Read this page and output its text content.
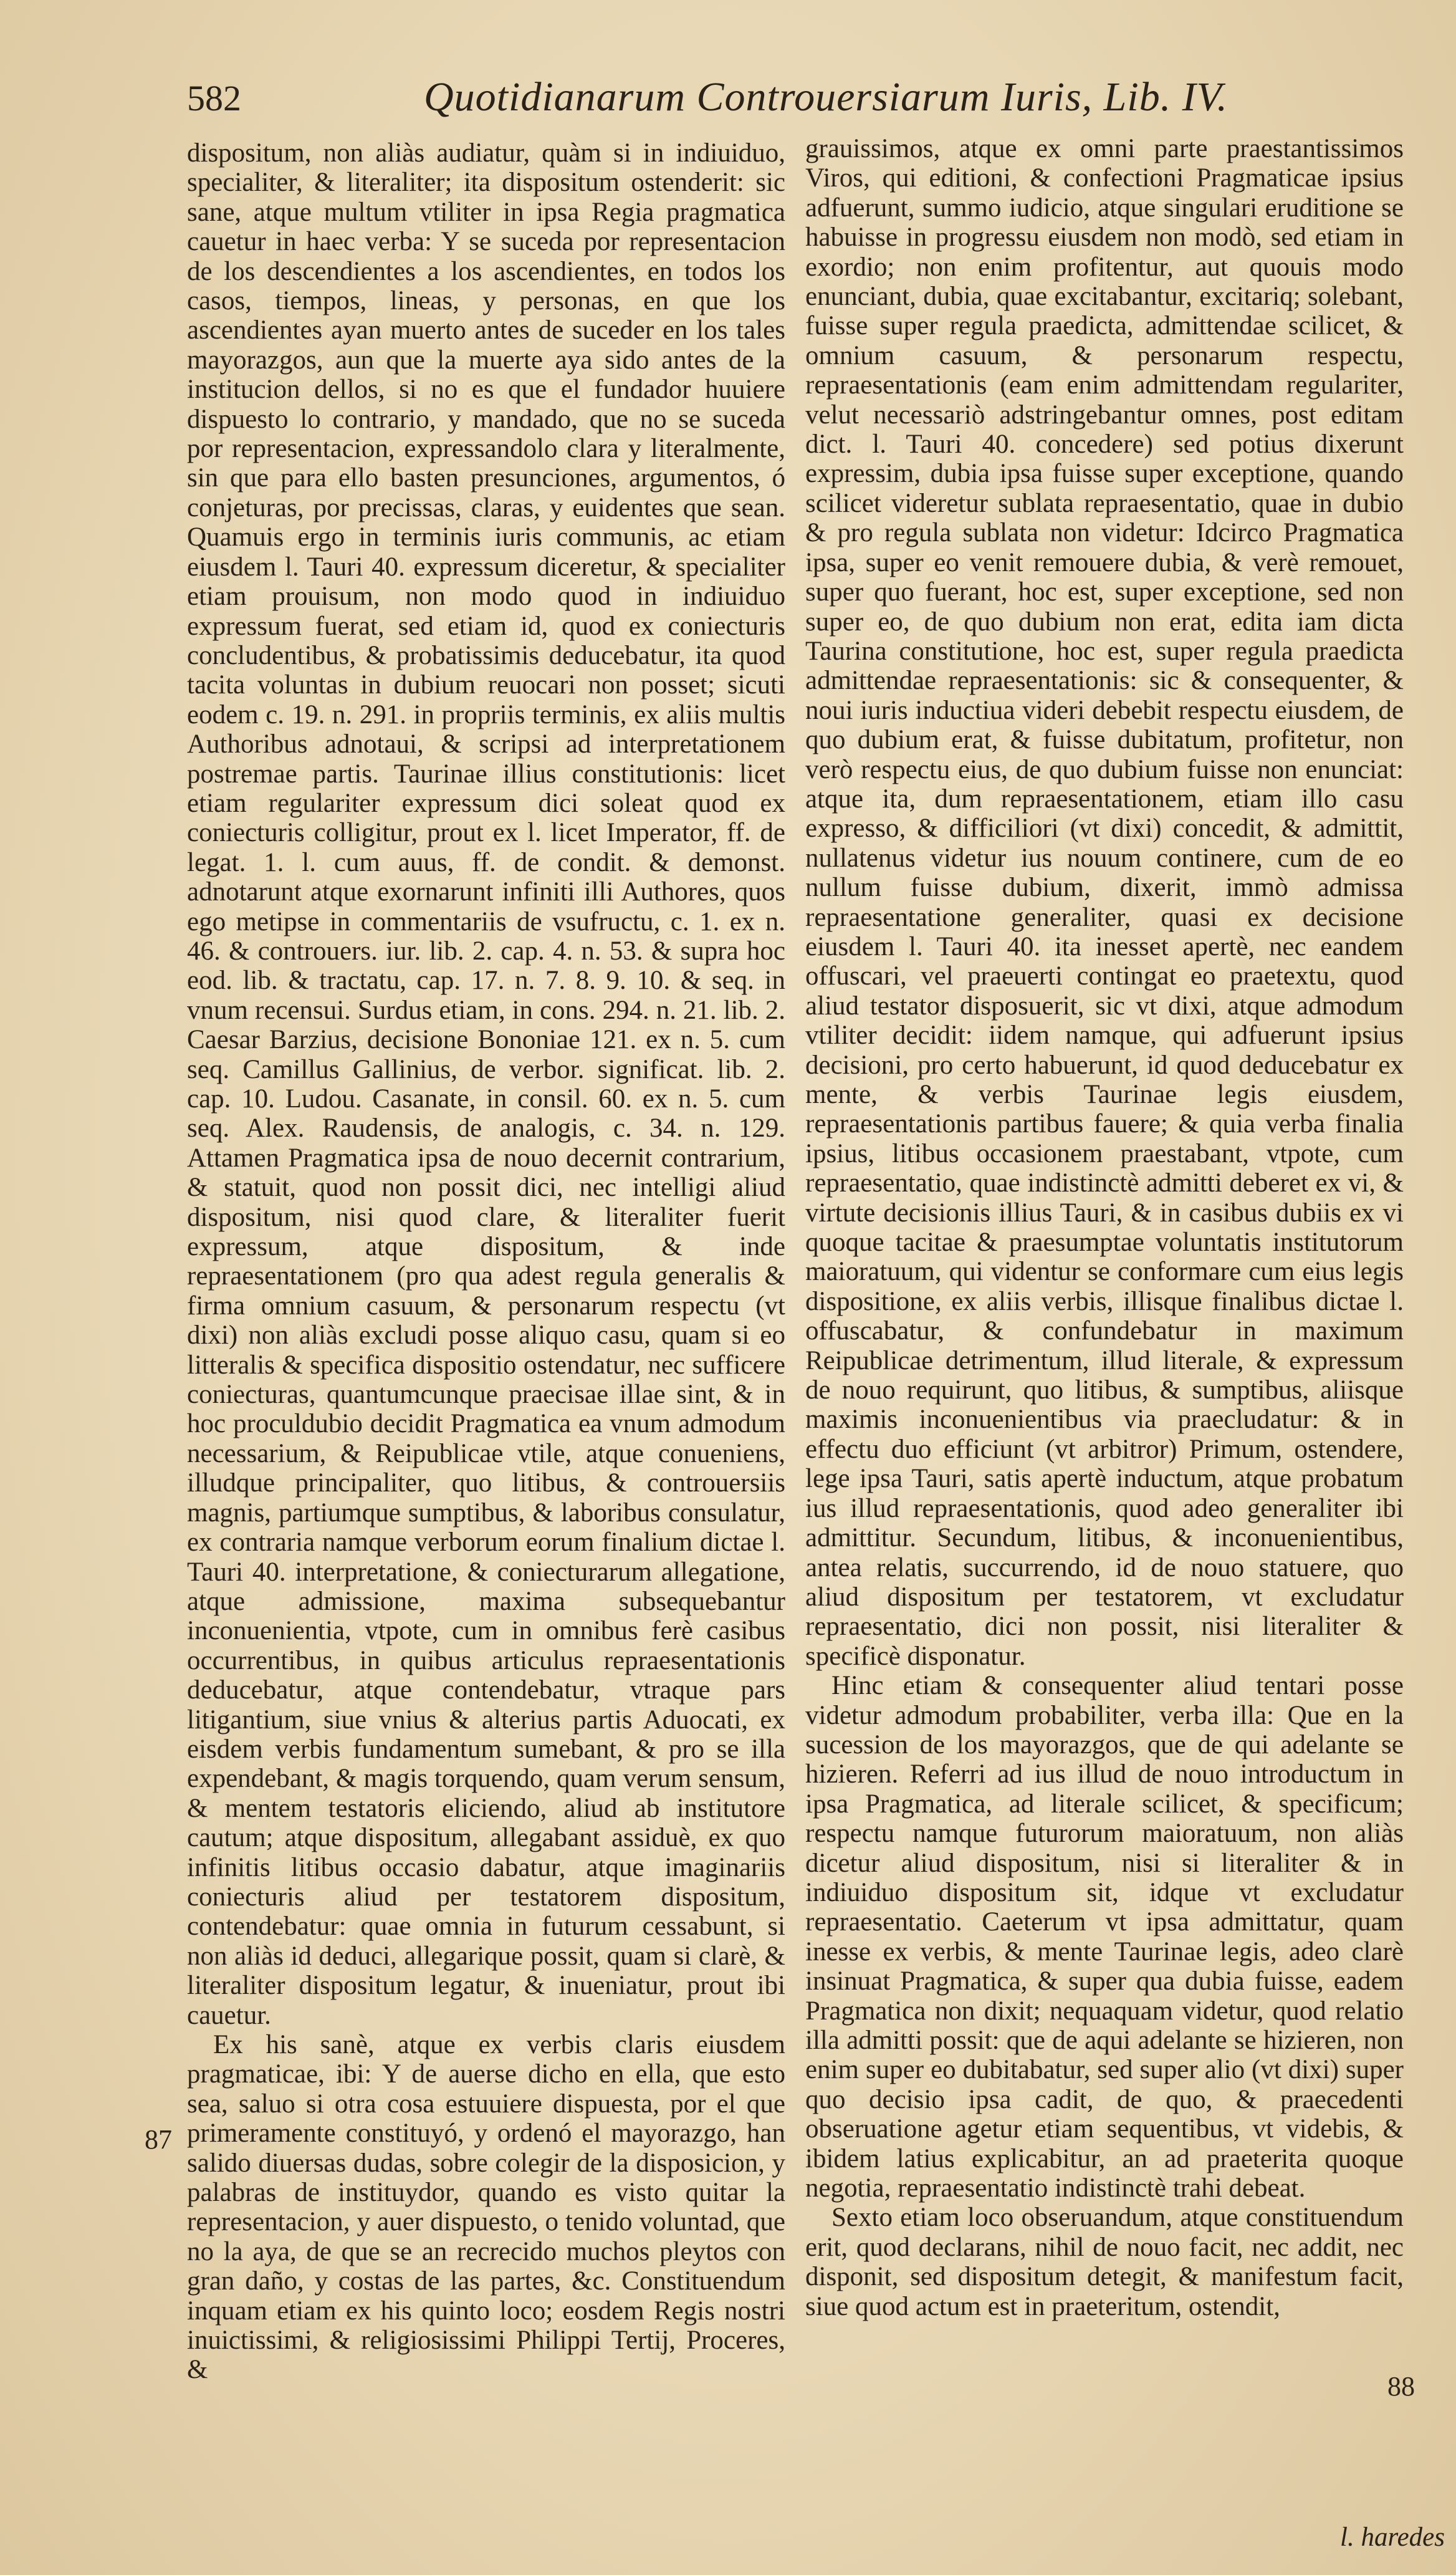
582	Quotidianarum Controuersiarum Iuris, Lib. IV.

dispositum, non aliàs audiatur, quàm si in indiuiduo, specialiter, & literaliter; ita dispositum ostenderit: sic sane, atque multum vtiliter in ipsa Regia pragmatica cauetur in haec verba: Y se suceda por representacion de los descendientes a los ascendientes, en todos los casos, tiempos, lineas, y personas, en que los ascendientes ayan muerto antes de suceder en los tales mayorazgos, aun que la muerte aya sido antes de la institucion dellos, si no es que el fundador huuiere dispuesto lo contrario, y mandado, que no se suceda por representacion, expressandolo clara y literalmente, sin que para ello basten presunciones, argumentos, ó conjeturas, por precissas, claras, y euidentes que sean. Quamuis ergo in terminis iuris communis, ac etiam eiusdem l. Tauri 40. expressum diceretur, & specialiter etiam prouisum, non modo quod in indiuiduo expressum fuerat, sed etiam id, quod ex coniecturis concludentibus, & probatissimis deducebatur, ita quod tacita voluntas in dubium reuocari non posset; sicuti eodem c. 19. n. 291. in propriis terminis, ex aliis multis Authoribus adnotaui, & scripsi ad interpretationem postremae partis. Taurinae illius constitutionis: licet etiam regulariter expressum dici soleat quod ex coniecturis colligitur, prout ex l. licet Imperator, ff. de legat. 1. l. cum auus, ff. de condit. & demonst. adnotarunt atque exornarunt infiniti illi Authores, quos ego metipse in commentariis de vsufructu, c. 1. ex n. 46. & controuers. iur. lib. 2. cap. 4. n. 53. & supra hoc eod. lib. & tractatu, cap. 17. n. 7. 8. 9. 10. & seq. in vnum recensui. Surdus etiam, in cons. 294. n. 21. lib. 2. Caesar Barzius, decisione Bononiae 121. ex n. 5. cum seq. Camillus Gallinius, de verbor. significat. lib. 2. cap. 10. Ludou. Casanate, in consil. 60. ex n. 5. cum seq. Alex. Raudensis, de analogis, c. 34. n. 129. Attamen Pragmatica ipsa de nouo decernit contrarium, & statuit, quod non possit dici, nec intelligi aliud dispositum, nisi quod clare, & literaliter fuerit expressum, atque dispositum, & inde repraesentationem (pro qua adest regula generalis & firma omnium casuum, & personarum respectu (vt dixi) non aliàs excludi posse aliquo casu, quam si eo litteralis & specifica dispositio ostendatur, nec sufficere coniecturas, quantumcunque praecisae illae sint, & in hoc proculdubio decidit Pragmatica ea vnum admodum necessarium, & Reipublicae vtile, atque conueniens, illudque principaliter, quo litibus, & controuersiis magnis, partiumque sumptibus, & laboribus consulatur, ex contraria namque verborum eorum finalium dictae l. Tauri 40. interpretatione, & coniecturarum allegatione, atque admissione, maxima subsequebantur inconuenientia, vtpote, cum in omnibus ferè casibus occurrentibus, in quibus articulus repraesentationis deducebatur, atque contendebatur, vtraque pars litigantium, siue vnius & alterius partis Aduocati, ex eisdem verbis fundamentum sumebant, & pro se illa expendebant, & magis torquendo, quam verum sensum, & mentem testatoris eliciendo, aliud ab institutore cautum; atque dispositum, allegabant assiduè, ex quo infinitis litibus occasio dabatur, atque imaginariis coniecturis aliud per testatorem dispositum, contendebatur: quae omnia in futurum cessabunt, si non aliàs id deduci, allegarique possit, quam si clarè, & literaliter dispositum legatur, & inueniatur, prout ibi cauetur.

Ex his sanè, atque ex verbis claris eiusdem pragmaticae, ibi: Y de auerse dicho en ella, que esto sea, saluo si otra cosa estuuiere dispuesta, por el que primeramente constituyó, y ordenó el mayorazgo, han salido diuersas dudas, sobre colegir de la disposicion, y palabras de instituydor, quando es visto quitar la representacion, y auer dispuesto, o tenido voluntad, que no la aya, de que se an recrecido muchos pleytos con gran daño, y costas de las partes, &c. Constituendum inquam etiam ex his quinto loco; eosdem Regis nostri inuictissimi, & religiosissimi Philippi Tertij, Proceres, &

87

grauissimos, atque ex omni parte praestantissimos Viros, qui editioni, & confectioni Pragmaticae ipsius adfuerunt, summo iudicio, atque singulari eruditione se habuisse in progressu eiusdem non modò, sed etiam in exordio; non enim profitentur, aut quouis modo enunciant, dubia, quae excitabantur, excitariq; solebant, fuisse super regula praedicta, admittendae scilicet, & omnium casuum, & personarum respectu, repraesentationis (eam enim admittendam regulariter, velut necessariò adstringebantur omnes, post editam dict. l. Tauri 40. concedere) sed potius dixerunt expressim, dubia ipsa fuisse super exceptione, quando scilicet videretur sublata repraesentatio, quae in dubio & pro regula sublata non videtur: Idcirco Pragmatica ipsa, super eo venit remouere dubia, & verè remouet, super quo fuerant, hoc est, super exceptione, sed non super eo, de quo dubium non erat, edita iam dicta Taurina constitutione, hoc est, super regula praedicta admittendae repraesentationis: sic & consequenter, & noui iuris inductiua videri debebit respectu eiusdem, de quo dubium erat, & fuisse dubitatum, profitetur, non verò respectu eius, de quo dubium fuisse non enunciat: atque ita, dum repraesentationem, etiam illo casu expresso, & difficiliori (vt dixi) concedit, & admittit, nullatenus videtur ius nouum continere, cum de eo nullum fuisse dubium, dixerit, immò admissa repraesentatione generaliter, quasi ex decisione eiusdem l. Tauri 40. ita inesset apertè, nec eandem offuscari, vel praeuerti contingat eo praetextu, quod aliud testator disposuerit, sic vt dixi, atque admodum vtiliter decidit: iidem namque, qui adfuerunt ipsius decisioni, pro certo habuerunt, id quod deducebatur ex mente, & verbis Taurinae legis eiusdem, repraesentationis partibus fauere; & quia verba finalia ipsius, litibus occasionem praestabant, vtpote, cum repraesentatio, quae indistinctè admitti deberet ex vi, & virtute decisionis illius Tauri, & in casibus dubiis ex vi quoque tacitae & praesumptae voluntatis institutorum maioratuum, qui videntur se conformare cum eius legis dispositione, ex aliis verbis, illisque finalibus dictae l. offuscabatur, & confundebatur in maximum Reipublicae detrimentum, illud literale, & expressum de nouo requirunt, quo litibus, & sumptibus, aliisque maximis inconuenientibus via praecludatur: & in effectu duo efficiunt (vt arbitror) Primum, ostendere, lege ipsa Tauri, satis apertè inductum, atque probatum ius illud repraesentationis, quod adeo generaliter ibi admittitur. Secundum, litibus, & inconuenientibus, antea relatis, succurrendo, id de nouo statuere, quo aliud dispositum per testatorem, vt excludatur repraesentatio, dici non possit, nisi literaliter & specificè disponatur.

Hinc etiam & consequenter aliud tentari posse videtur admodum probabiliter, verba illa: Que en la sucession de los mayorazgos, que de qui adelante se hizieren. Referri ad ius illud de nouo introductum in ipsa Pragmatica, ad literale scilicet, & specificum; respectu namque futurorum maioratuum, non aliàs dicetur aliud dispositum, nisi si literaliter & in indiuiduo dispositum sit, idque vt excludatur repraesentatio. Caeterum vt ipsa admittatur, quam inesse ex verbis, & mente Taurinae legis, adeo clarè insinuat Pragmatica, & super qua dubia fuisse, eadem Pragmatica non dixit; nequaquam videtur, quod relatio illa admitti possit: que de aqui adelante se hizieren, non enim super eo dubitabatur, sed super alio (vt dixi) super quo decisio ipsa cadit, de quo, & praecedenti obseruatione agetur etiam sequentibus, vt videbis, & ibidem latius explicabitur, an ad praeterita quoque negotia, repraesentatio indistinctè trahi debeat.

Sexto etiam loco obseruandum, atque constituendum erit, quod declarans, nihil de nouo facit, nec addit, nec disponit, sed dispositum detegit, & manifestum facit, siue quod actum est in praeteritum, ostendit,

88
l. haredes
